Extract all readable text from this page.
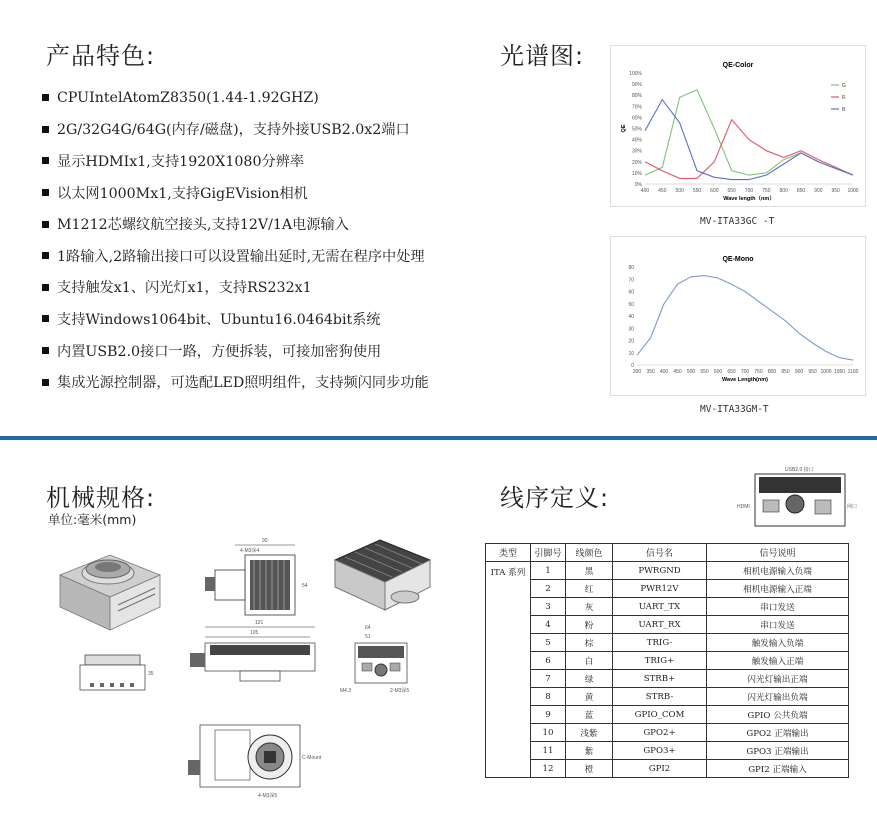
产品特色:
CPUIntelAtomZ8350(1.44-1.92GHZ)
2G/32G4G/64G(内存/磁盘)，支持外接USB2.0x2端口
显示HDMIx1,支持1920X1080分辨率
以太网1000Mx1,支持GigEVision相机
M1212芯螺纹航空接头,支持12V/1A电源输入
1路输入,2路输出接口可以设置输出延时,无需在程序中处理
支持触发x1、闪光灯x1，支持RS232x1
支持Windows1064bit、Ubuntu16.0464bit系统
内置USB2.0接口一路，方便拆装，可接加密狗使用
集成光源控制器，可选配LED照明组件，支持频闪同步功能
光谱图:	QE-Color
0%
10%
20%
30%
40%
50%
60%
70%
80%
90%
100%
400 450 500 550 600 650 700 750 800 850 900 950 1000
Wave length（nm）
QE
G
R
B
MV-ITA33GC -T
QE-Mono
0
10
20
30
40
50
60
70
80
300 350 400 450 500 550 600 650 700 750 800 850 900 950 1000 1050 1100
Wave Length(nm)
MV-ITA33GM-T
机械规格:
单位:毫米(mm)
90
54
4-M3深4
35
121
105
64
51
M4.3	2-M3深5
C-Mount
4-M3深5
线序定义:
USB2.0 接口
HDMI	网口
类型	引脚号	线颜色	信号名	信号说明
ITA 系列	1	黑	PWRGND	相机电源输入负端
	2	红	PWR12V	相机电源输入正端
	3	灰	UART_TX	串口发送
	4	粉	UART_RX	串口发送
	5	棕	TRIG-	触发输入负端
	6	白	TRIG+	触发输入正端
	7	绿	STRB+	闪光灯输出正端
	8	黄	STRB-	闪光灯输出负端
	9	蓝	GPIO_COM	GPIO 公共负端
	10	浅紫	GPO2+	GPO2 正端输出
	11	紫	GPO3+	GPO3 正端输出
	12	橙	GPI2	GPI2 正端输入
